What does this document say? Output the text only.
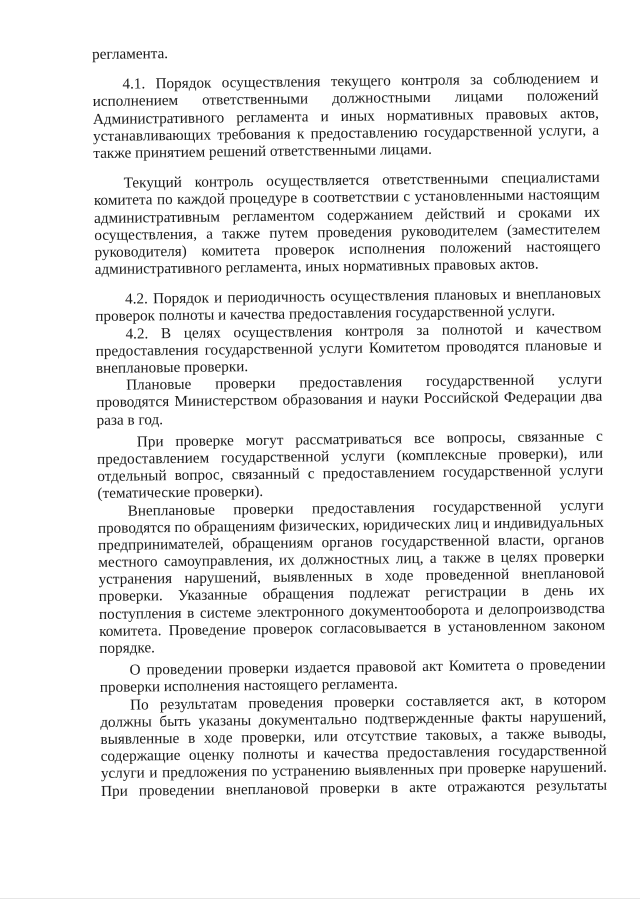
регламента.
4.1. Порядок осуществления текущего контроля за соблюдением и
исполнением ответственными должностными лицами положений
Административного регламента и иных нормативных правовых актов,
устанавливающих требования к предоставлению государственной услуги, а
также принятием решений ответственными лицами.
Текущий контроль осуществляется ответственными специалистами
комитета по каждой процедуре в соответствии с установленными настоящим
административным регламентом содержанием действий и сроками их
осуществления, а также путем проведения руководителем (заместителем
руководителя) комитета проверок исполнения положений настоящего
административного регламента, иных нормативных правовых актов.
4.2. Порядок и периодичность осуществления плановых и внеплановых
проверок полноты и качества предоставления государственной услуги.
4.2. В целях осуществления контроля за полнотой и качеством
предоставления государственной услуги Комитетом проводятся плановые и
внеплановые проверки.
Плановые проверки предоставления государственной услуги
проводятся Министерством образования и науки Российской Федерации два
раза в год.
При проверке могут рассматриваться все вопросы, связанные с
предоставлением государственной услуги (комплексные проверки), или
отдельный вопрос, связанный с предоставлением государственной услуги
(тематические проверки).
Внеплановые проверки предоставления государственной услуги
проводятся по обращениям физических, юридических лиц и индивидуальных
предпринимателей, обращениям органов государственной власти, органов
местного самоуправления, их должностных лиц, а также в целях проверки
устранения нарушений, выявленных в ходе проведенной внеплановой
проверки. Указанные обращения подлежат регистрации в день их
поступления в системе электронного документооборота и делопроизводства
комитета. Проведение проверок согласовывается в установленном законом
порядке.
О проведении проверки издается правовой акт Комитета о проведении
проверки исполнения настоящего регламента.
По результатам проведения проверки составляется акт, в котором
должны быть указаны документально подтвержденные факты нарушений,
выявленные в ходе проверки, или отсутствие таковых, а также выводы,
содержащие оценку полноты и качества предоставления государственной
услуги и предложения по устранению выявленных при проверке нарушений.
При проведении внеплановой проверки в акте отражаются результаты
